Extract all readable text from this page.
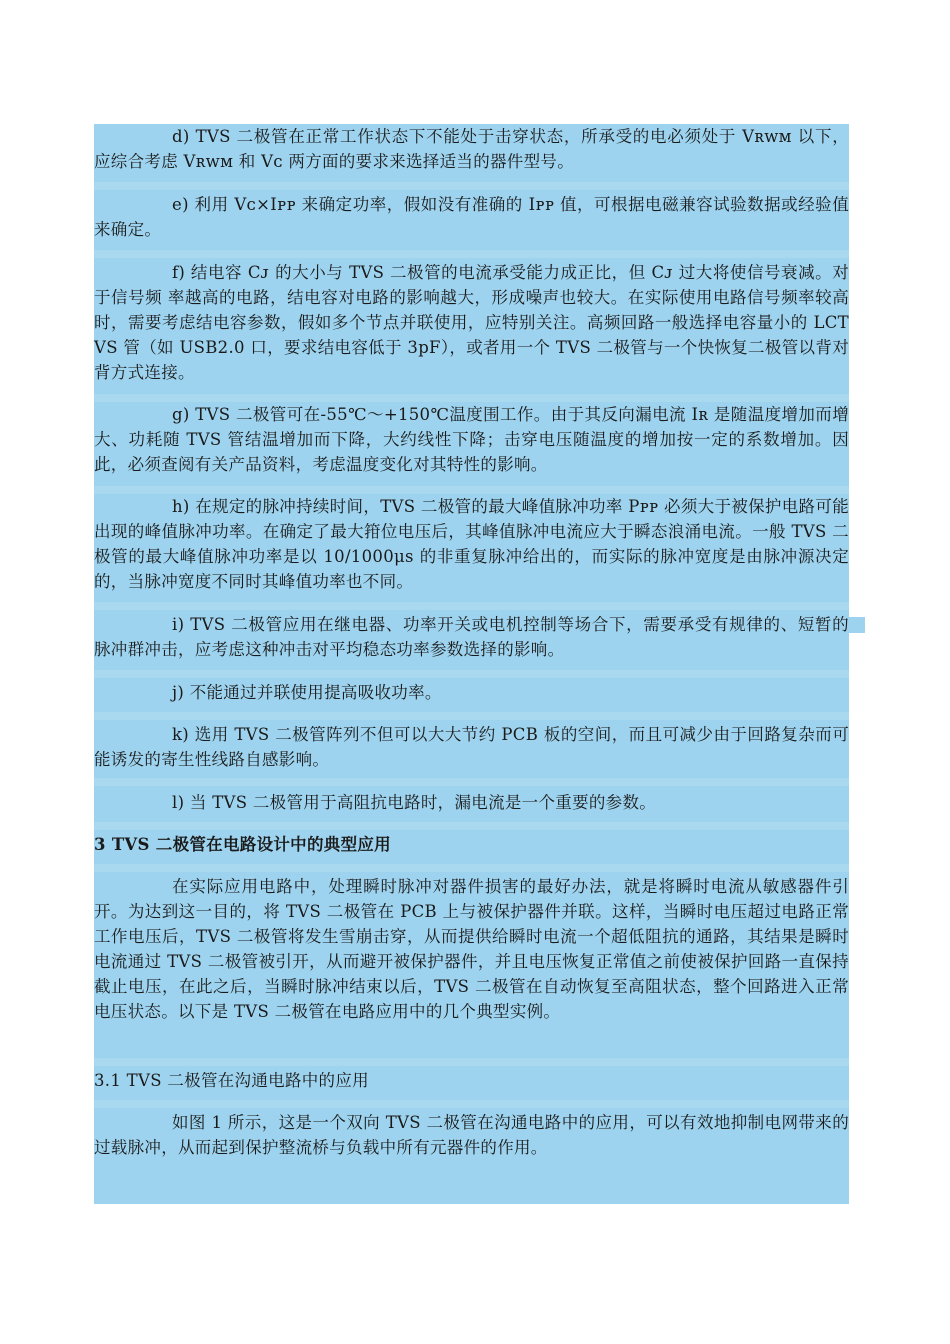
d) TVS 二极管在正常工作状态下不能处于击穿状态，所承受的电必须处于 Vʀᴡᴍ 以下，应综合考虑 Vʀᴡᴍ 和 Vᴄ 两方面的要求来选择适当的器件型号。

e) 利用 Vᴄ×Iᴘᴘ 来确定功率，假如没有准确的 Iᴘᴘ 值，可根据电磁兼容试验数据或经验值来确定。

f) 结电容 Cᴊ 的大小与 TVS 二极管的电流承受能力成正比，但 Cᴊ 过大将使信号衰减。对于信号频 率越高的电路，结电容对电路的影响越大，形成噪声也较大。在实际使用电路信号频率较高时，需要考虑结电容参数，假如多个节点并联使用，应特别关注。高频回路一般选择电容量小的 LCTVS 管（如 USB2.0 口，要求结电容低于 3pF），或者用一个 TVS 二极管与一个快恢复二极管以背对背方式连接。

g) TVS 二极管可在-55℃～+150℃温度围工作。由于其反向漏电流 Iʀ 是随温度增加而增大、功耗随 TVS 管结温增加而下降，大约线性下降；击穿电压随温度的增加按一定的系数增加。因此，必须查阅有关产品资料，考虑温度变化对其特性的影响。

h) 在规定的脉冲持续时间，TVS 二极管的最大峰值脉冲功率 Pᴘᴘ 必须大于被保护电路可能出现的峰值脉冲功率。在确定了最大箝位电压后，其峰值脉冲电流应大于瞬态浪涌电流。一般 TVS 二极管的最大峰值脉冲功率是以 10/1000μs 的非重复脉冲给出的，而实际的脉冲宽度是由脉冲源决定的，当脉冲宽度不同时其峰值功率也不同。

i) TVS 二极管应用在继电器、功率开关或电机控制等场合下，需要承受有规律的、短暂的脉冲群冲击，应考虑这种冲击对平均稳态功率参数选择的影响。

j) 不能通过并联使用提高吸收功率。

k) 选用 TVS 二极管阵列不但可以大大节约 PCB 板的空间，而且可减少由于回路复杂而可能诱发的寄生性线路自感影响。

l) 当 TVS 二极管用于高阻抗电路时，漏电流是一个重要的参数。

3 TVS 二极管在电路设计中的典型应用

在实际应用电路中，处理瞬时脉冲对器件损害的最好办法，就是将瞬时电流从敏感器件引开。为达到这一目的，将 TVS 二极管在 PCB 上与被保护器件并联。这样，当瞬时电压超过电路正常工作电压后，TVS 二极管将发生雪崩击穿，从而提供给瞬时电流一个超低阻抗的通路，其结果是瞬时电流通过 TVS 二极管被引开，从而避开被保护器件，并且电压恢复正常值之前使被保护回路一直保持截止电压，在此之后，当瞬时脉冲结束以后，TVS 二极管在自动恢复至高阻状态，整个回路进入正常电压状态。以下是 TVS 二极管在电路应用中的几个典型实例。

3.1 TVS 二极管在沟通电路中的应用

如图 1 所示，这是一个双向 TVS 二极管在沟通电路中的应用，可以有效地抑制电网带来的过载脉冲，从而起到保护整流桥与负载中所有元器件的作用。
